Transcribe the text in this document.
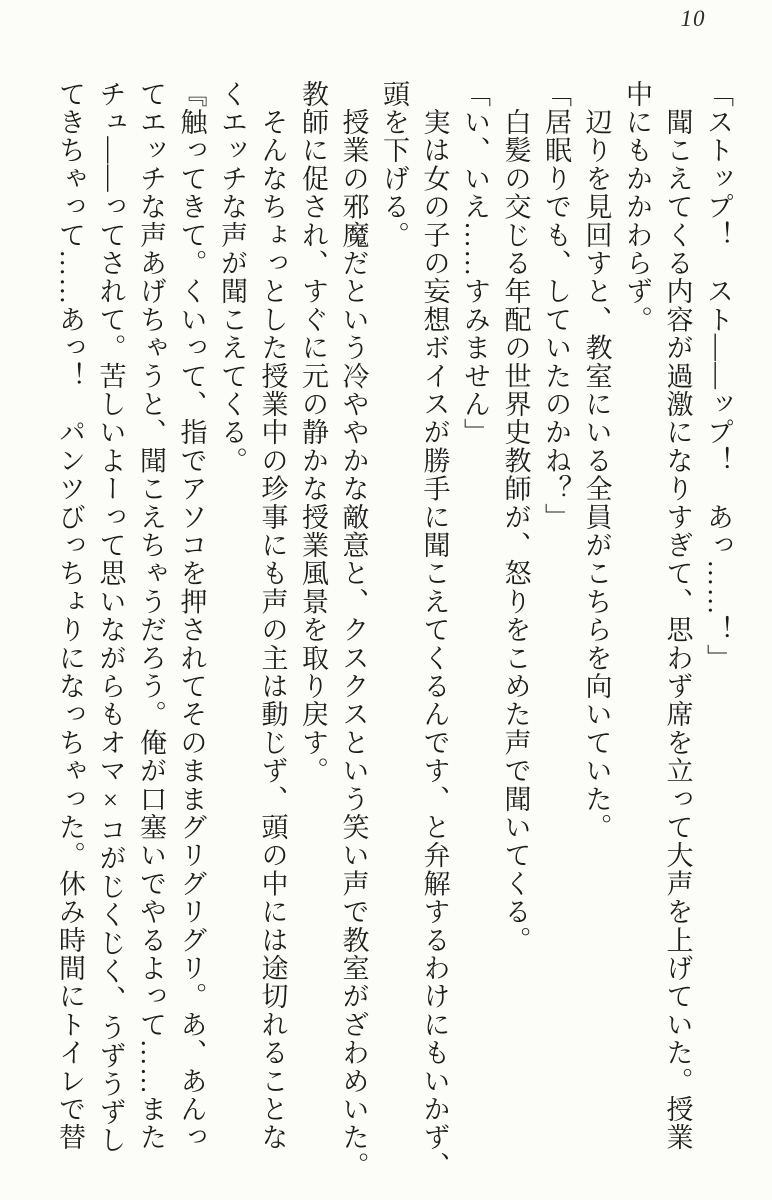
10

「ストップ！　スト――ップ！　あっ……！」

　聞こえてくる内容が過激になりすぎて、思わず席を立って大声を上げていた。授業

中にもかかわらず。

　辺りを見回すと、教室にいる全員がこちらを向いていた。

「居眠りでも、していたのかね？」

　白髪の交じる年配の世界史教師が、怒りをこめた声で聞いてくる。

「い、いえ……すみません」

　実は女の子の妄想ボイスが勝手に聞こえてくるんです、と弁解するわけにもいかず、

頭を下げる。

　授業の邪魔だという冷ややかな敵意と、クスクスという笑い声で教室がざわめいた。

教師に促され、すぐに元の静かな授業風景を取り戻す。

　そんなちょっとした授業中の珍事にも声の主は動じず、頭の中には途切れることな

くエッチな声が聞こえてくる。

『触ってきて。くいって、指でアソコを押されてそのままグリグリグリ。あ、あんっ

てエッチな声あげちゃうと、聞こえちゃうだろう。俺が口塞いでやるよって……また

チュ――ってされて。苦しいよーって思いながらもオマ×コがじくじく、うずうずし

てきちゃって……あっ！　パンツびっちょりになっちゃった。休み時間にトイレで替
